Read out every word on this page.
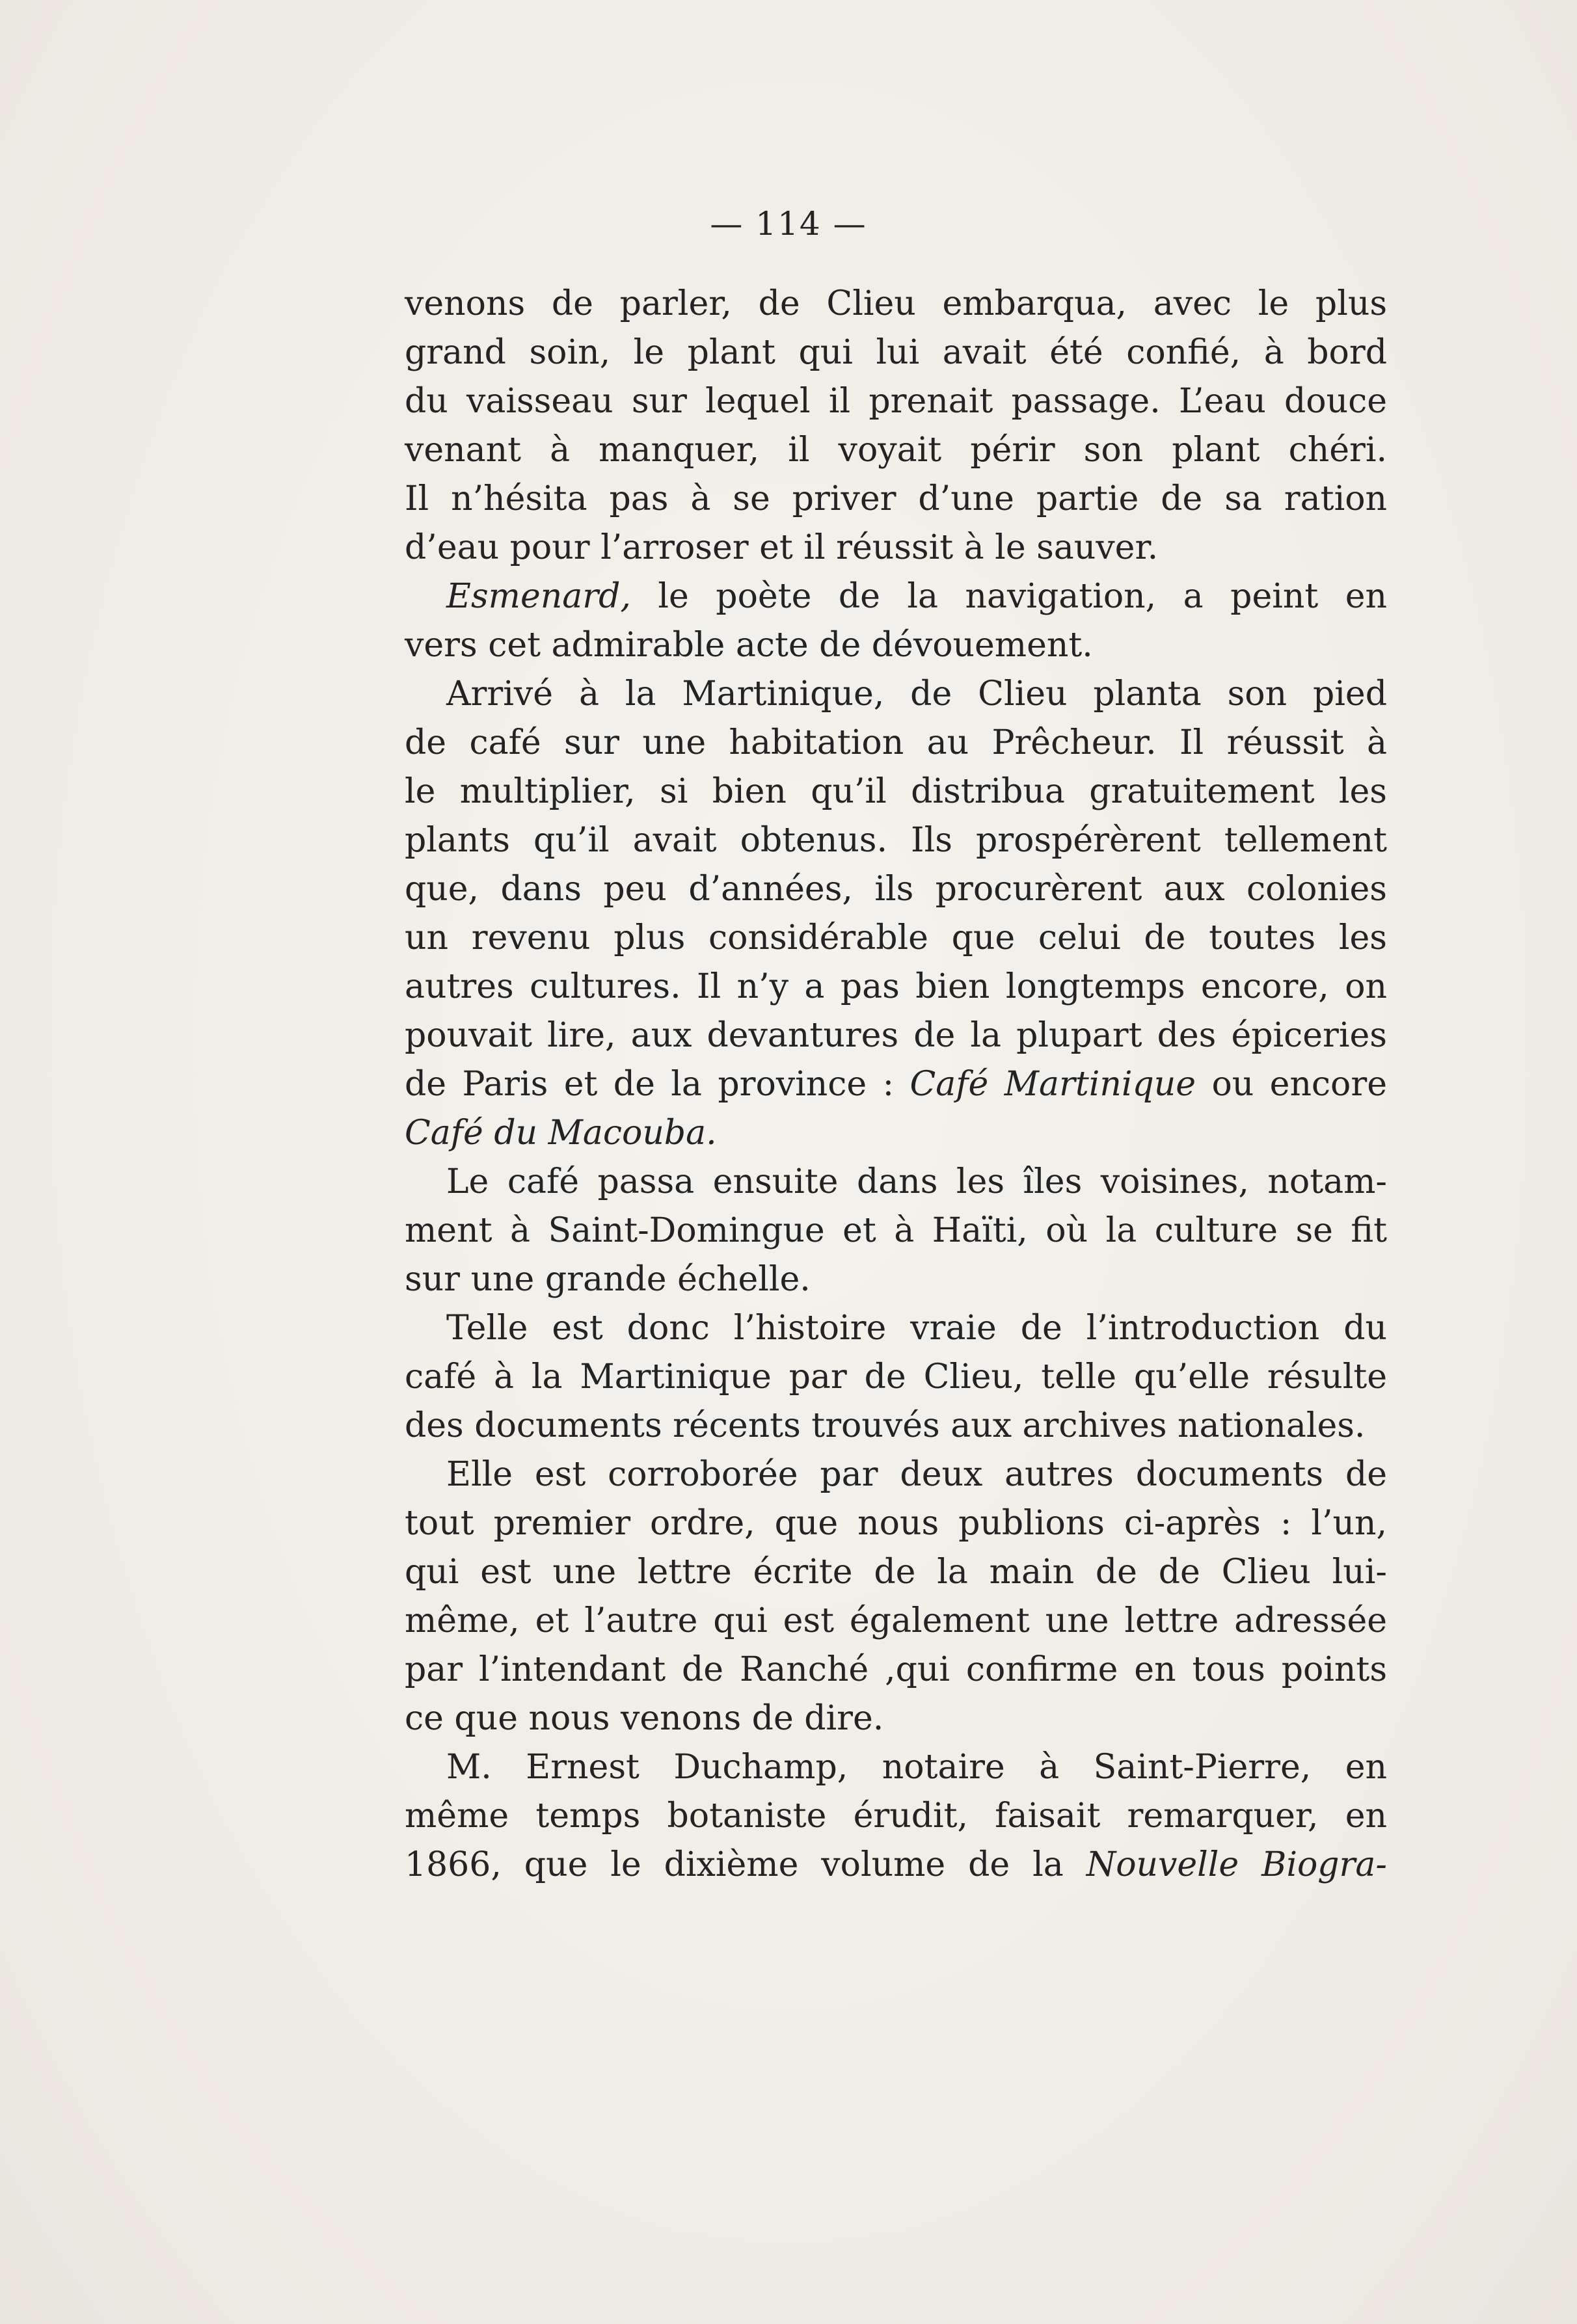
— 114 —
venons de parler, de Clieu embarqua, avec le plus
grand soin, le plant qui lui avait été confié, à bord
du vaisseau sur lequel il prenait passage. L’eau douce
venant à manquer, il voyait périr son plant chéri.
Il n’hésita pas à se priver d’une partie de sa ration
d’eau pour l’arroser et il réussit à le sauver.
Esmenard, le poète de la navigation, a peint en
vers cet admirable acte de dévouement.
Arrivé à la Martinique, de Clieu planta son pied
de café sur une habitation au Prêcheur. Il réussit à
le multiplier, si bien qu’il distribua gratuitement les
plants qu’il avait obtenus. Ils prospérèrent tellement
que, dans peu d’années, ils procurèrent aux colonies
un revenu plus considérable que celui de toutes les
autres cultures. Il n’y a pas bien longtemps encore, on
pouvait lire, aux devantures de la plupart des épiceries
de Paris et de la province : Café Martinique ou encore
Café du Macouba.
Le café passa ensuite dans les îles voisines, notam-
ment à Saint-Domingue et à Haïti, où la culture se fit
sur une grande échelle.
Telle est donc l’histoire vraie de l’introduction du
café à la Martinique par de Clieu, telle qu’elle résulte
des documents récents trouvés aux archives nationales.
Elle est corroborée par deux autres documents de
tout premier ordre, que nous publions ci-après : l’un,
qui est une lettre écrite de la main de de Clieu lui-
même, et l’autre qui est également une lettre adressée
par l’intendant de Ranché ,qui confirme en tous points
ce que nous venons de dire.
M. Ernest Duchamp, notaire à Saint-Pierre, en
même temps botaniste érudit, faisait remarquer, en
1866, que le dixième volume de la Nouvelle Biogra-
